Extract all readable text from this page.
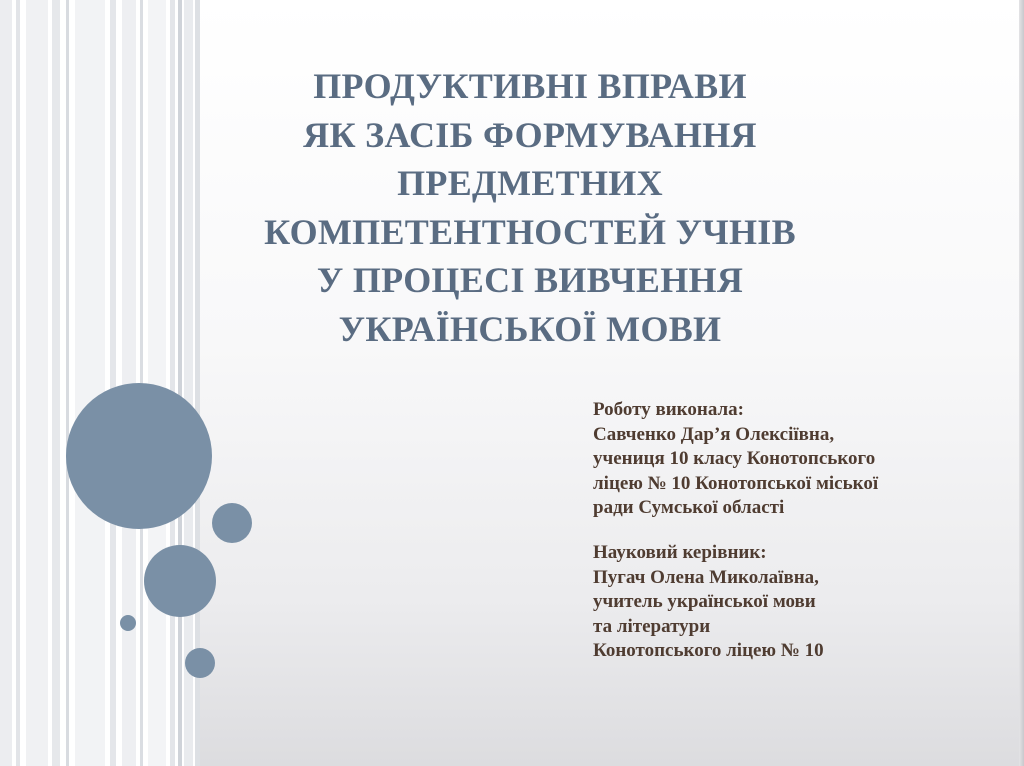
ПРОДУКТИВНІ ВПРАВИ
ЯК ЗАСІБ ФОРМУВАННЯ
ПРЕДМЕТНИХ
КОМПЕТЕНТНОСТЕЙ УЧНІВ
У ПРОЦЕСІ ВИВЧЕННЯ
УКРАЇНСЬКОЇ МОВИ
Роботу виконала:
Савченко Дар’я Олексіївна,
учениця 10 класу Конотопського
ліцею № 10 Конотопської міської
ради Сумської області
Науковий керівник:
Пугач Олена Миколаївна,
учитель української мови
та літератури
Конотопського ліцею № 10
